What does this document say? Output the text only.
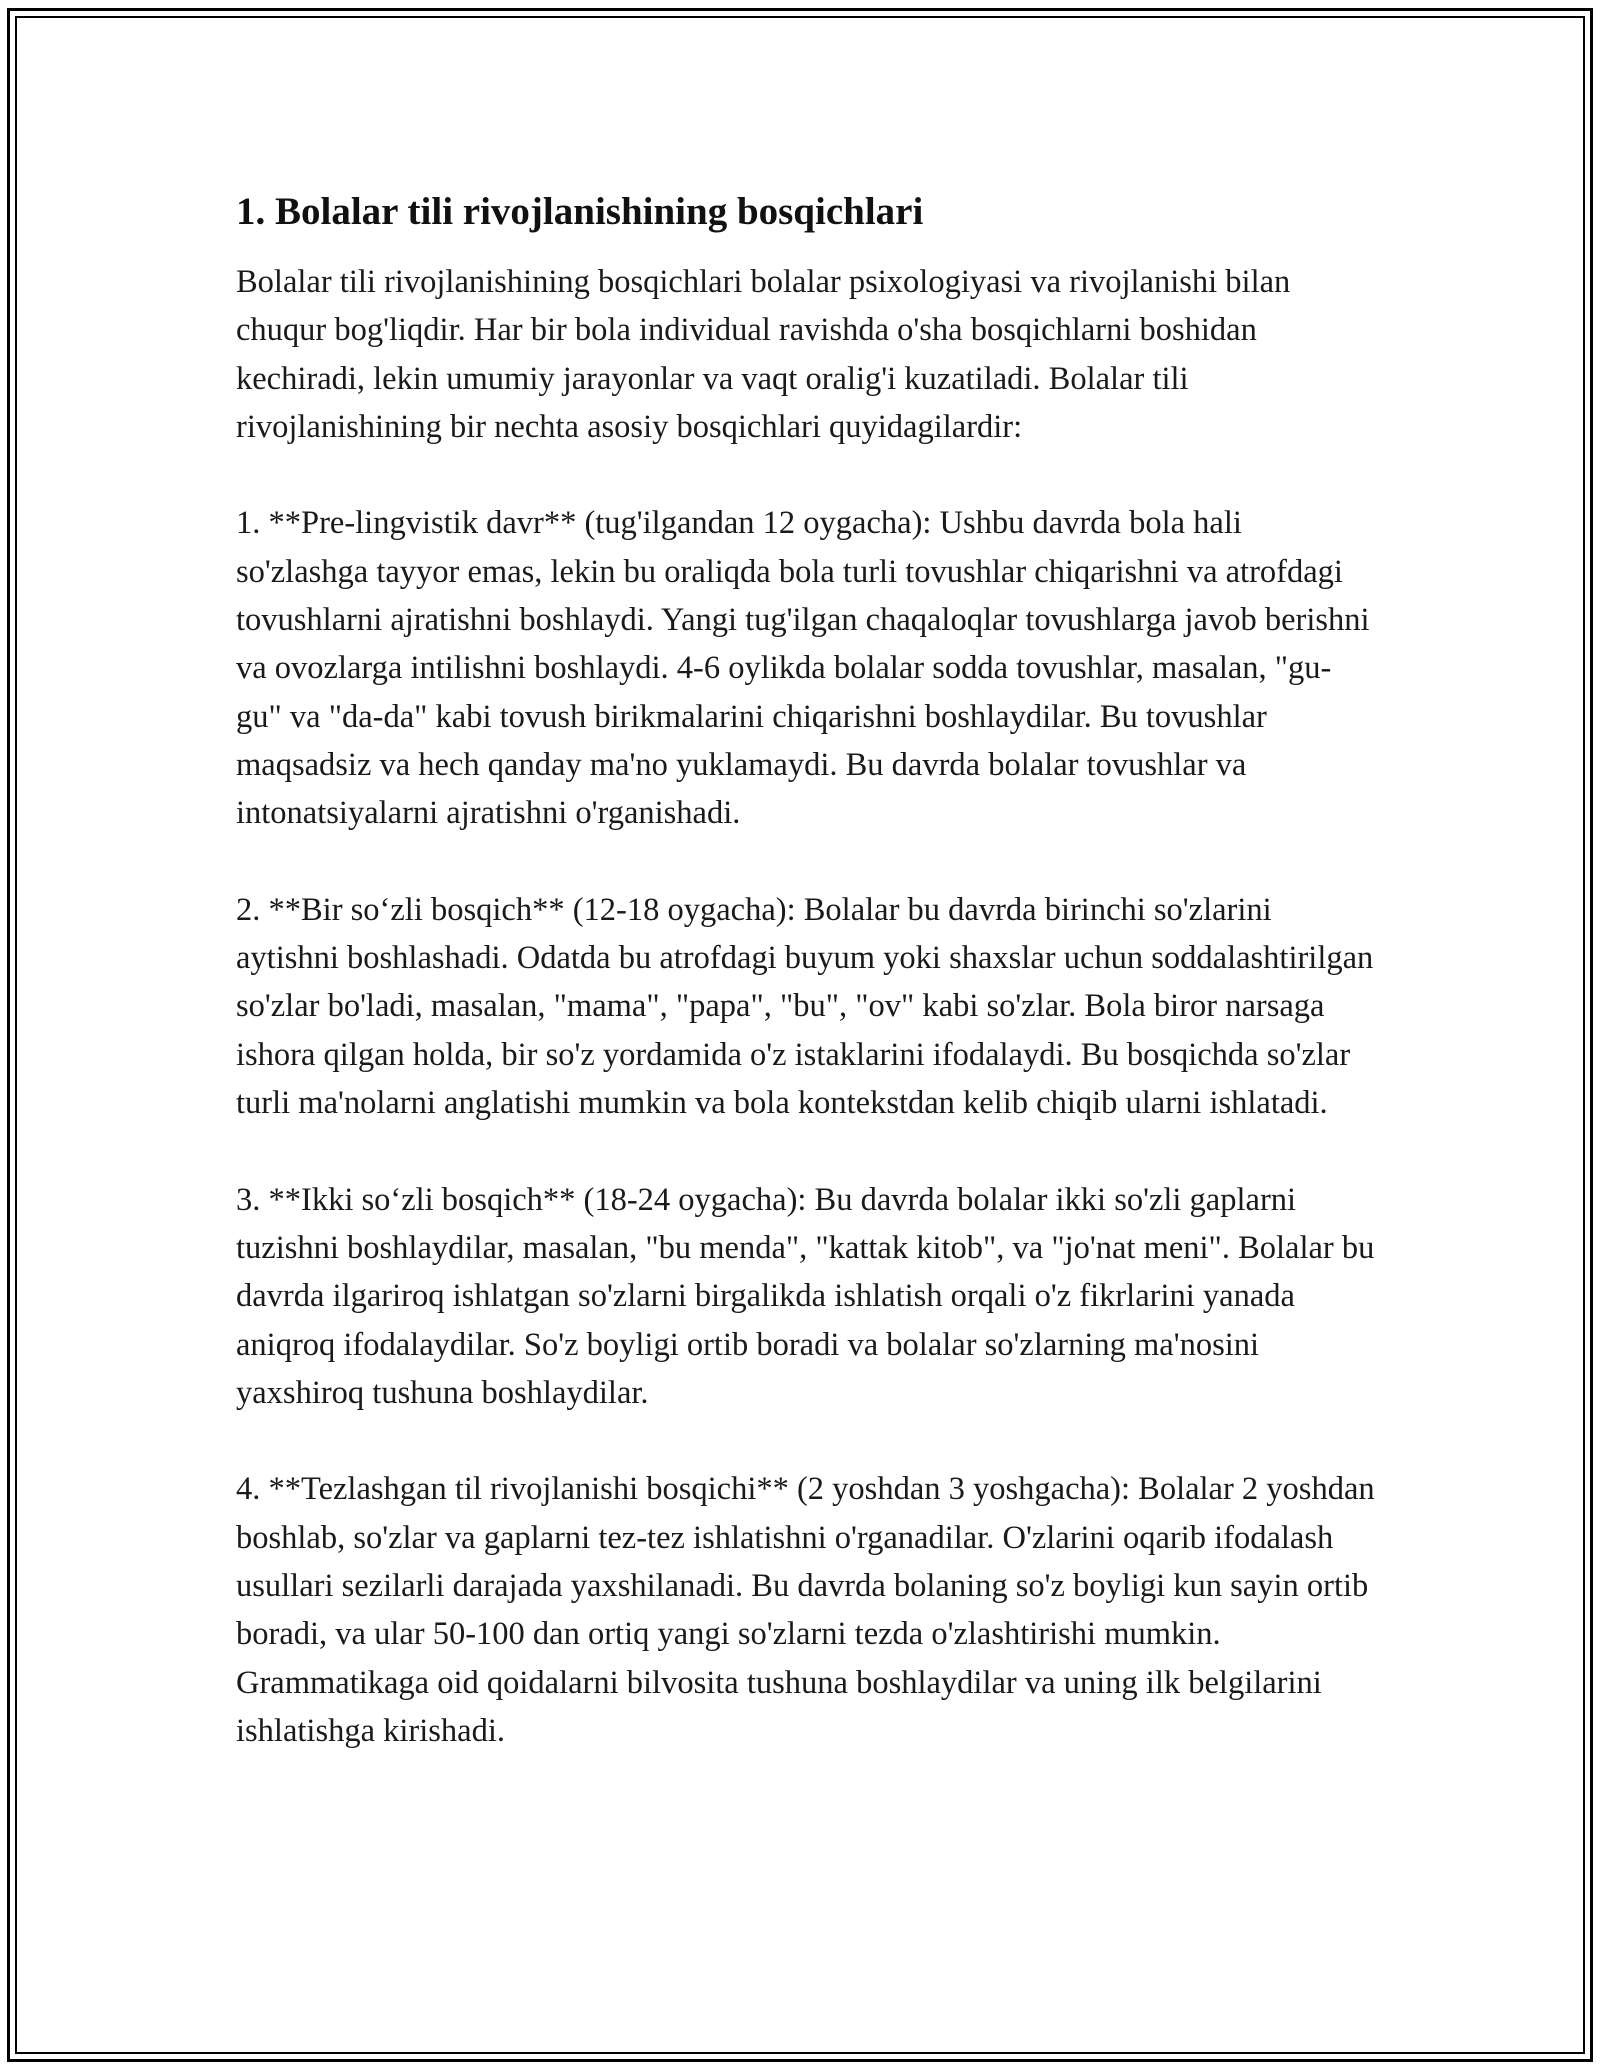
1. Bolalar tili rivojlanishining bosqichlari

Bolalar tili rivojlanishining bosqichlari bolalar psixologiyasi va rivojlanishi bilan chuqur bog'liqdir. Har bir bola individual ravishda o'sha bosqichlarni boshidan kechiradi, lekin umumiy jarayonlar va vaqt oralig'i kuzatiladi. Bolalar tili rivojlanishining bir nechta asosiy bosqichlari quyidagilardir:

1. **Pre-lingvistik davr** (tug'ilgandan 12 oygacha): Ushbu davrda bola hali so'zlashga tayyor emas, lekin bu oraliqda bola turli tovushlar chiqarishni va atrofdagi tovushlarni ajratishni boshlaydi. Yangi tug'ilgan chaqaloqlar tovushlarga javob berishni va ovozlarga intilishni boshlaydi. 4-6 oylikda bolalar sodda tovushlar, masalan, "gu-gu" va "da-da" kabi tovush birikmalarini chiqarishni boshlaydilar. Bu tovushlar maqsadsiz va hech qanday ma'no yuklamaydi. Bu davrda bolalar tovushlar va intonatsiyalarni ajratishni o'rganishadi.

2. **Bir so‘zli bosqich** (12-18 oygacha): Bolalar bu davrda birinchi so'zlarini aytishni boshlashadi. Odatda bu atrofdagi buyum yoki shaxslar uchun soddalashtirilgan so'zlar bo'ladi, masalan, "mama", "papa", "bu", "ov" kabi so'zlar. Bola biror narsaga ishora qilgan holda, bir so'z yordamida o'z istaklarini ifodalaydi. Bu bosqichda so'zlar turli ma'nolarni anglatishi mumkin va bola kontekstdan kelib chiqib ularni ishlatadi.

3. **Ikki so‘zli bosqich** (18-24 oygacha): Bu davrda bolalar ikki so'zli gaplarni tuzishni boshlaydilar, masalan, "bu menda", "kattak kitob", va "jo'nat meni". Bolalar bu davrda ilgariroq ishlatgan so'zlarni birgalikda ishlatish orqali o'z fikrlarini yanada aniqroq ifodalaydilar. So'z boyligi ortib boradi va bolalar so'zlarning ma'nosini yaxshiroq tushuna boshlaydilar.

4. **Tezlashgan til rivojlanishi bosqichi** (2 yoshdan 3 yoshgacha): Bolalar 2 yoshdan boshlab, so'zlar va gaplarni tez-tez ishlatishni o'rganadilar. O'zlarini oqarib ifodalash usullari sezilarli darajada yaxshilanadi. Bu davrda bolaning so'z boyligi kun sayin ortib boradi, va ular 50-100 dan ortiq yangi so'zlarni tezda o'zlashtirishi mumkin. Grammatikaga oid qoidalarni bilvosita tushuna boshlaydilar va uning ilk belgilarini ishlatishga kirishadi.
